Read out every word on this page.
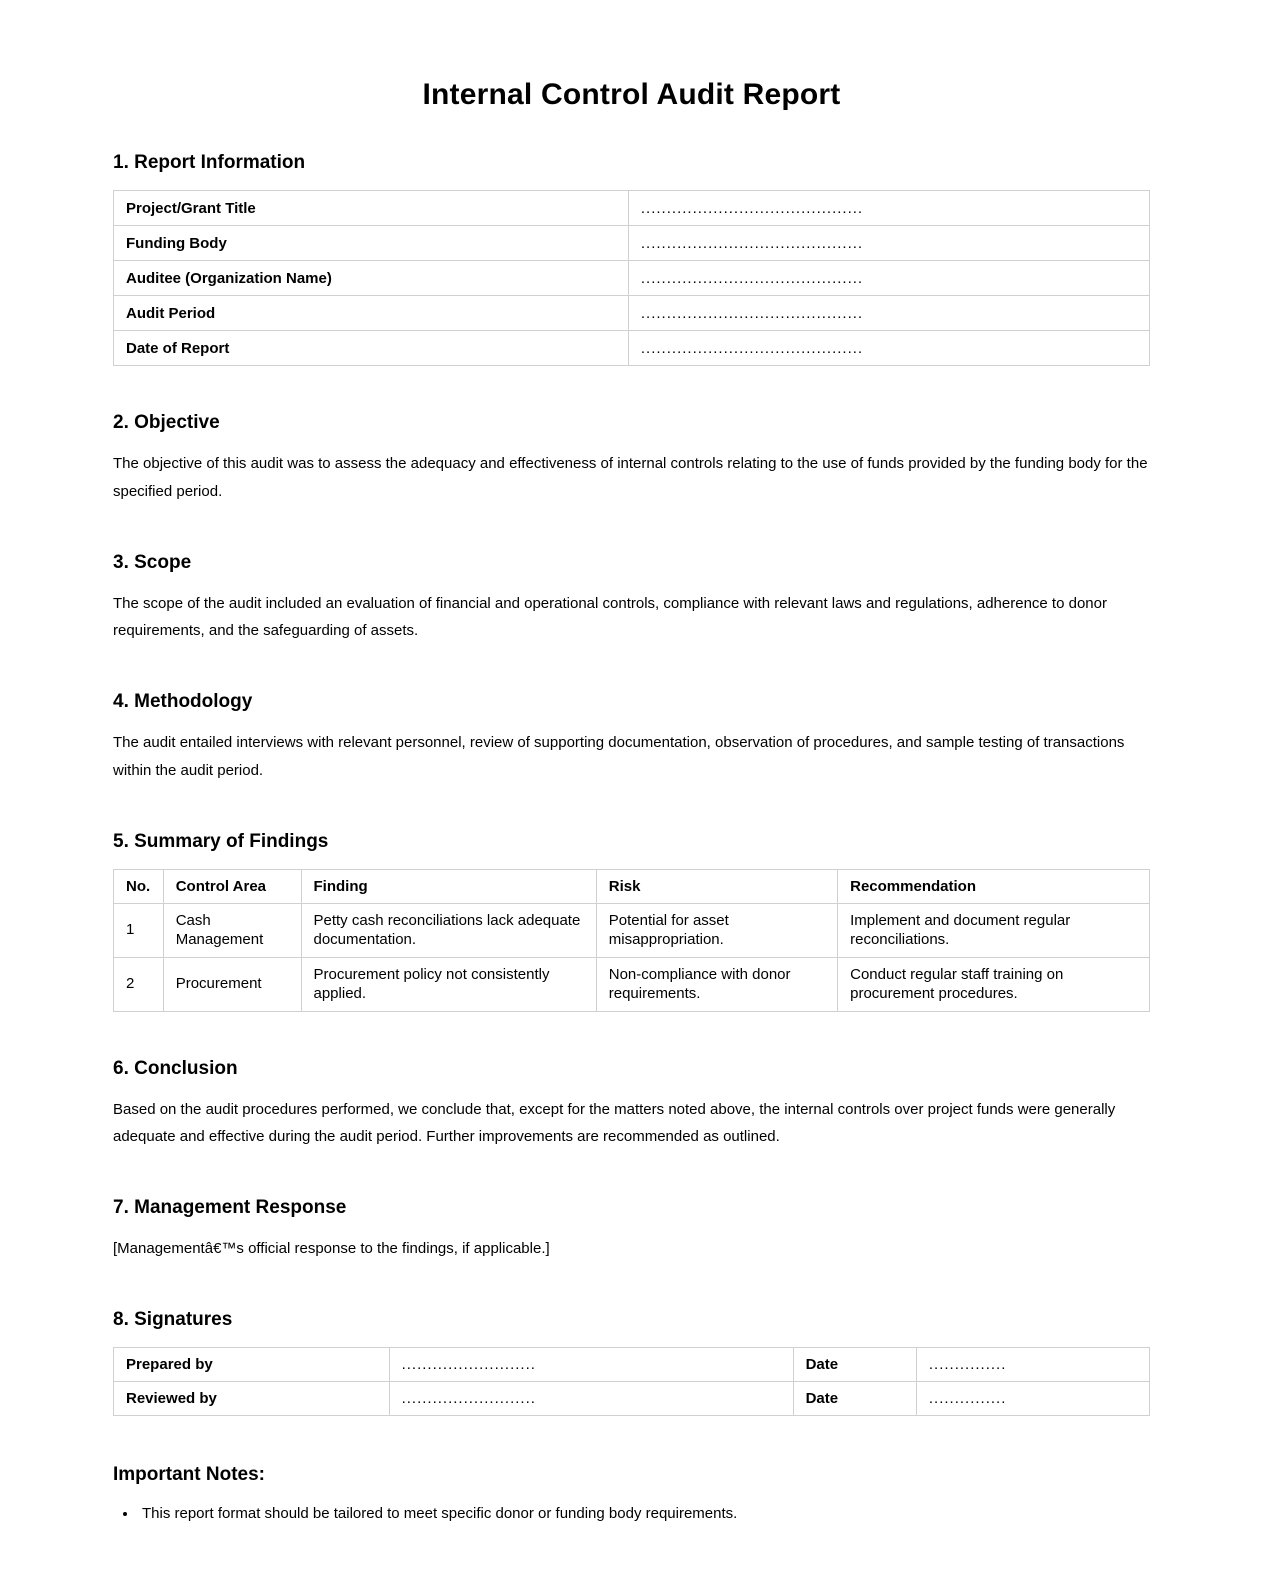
Internal Control Audit Report
1. Report Information
Project/Grant Title	...........................................
Funding Body	...........................................
Auditee (Organization Name)	...........................................
Audit Period	...........................................
Date of Report	...........................................
2. Objective

The objective of this audit was to assess the adequacy and effectiveness of internal controls relating to the use of funds provided by the funding body for the specified period.

3. Scope

The scope of the audit included an evaluation of financial and operational controls, compliance with relevant laws and regulations, adherence to donor requirements, and the safeguarding of assets.

4. Methodology

The audit entailed interviews with relevant personnel, review of supporting documentation, observation of procedures, and sample testing of transactions within the audit period.

5. Summary of Findings
No.	Control Area	Finding	Risk	Recommendation
1	Cash Management	Petty cash reconciliations lack adequate documentation.	Potential for asset misappropriation.	Implement and document regular reconciliations.
2	Procurement	Procurement policy not consistently applied.	Non-compliance with donor requirements.	Conduct regular staff training on procurement procedures.
6. Conclusion

Based on the audit procedures performed, we conclude that, except for the matters noted above, the internal controls over project funds were generally adequate and effective during the audit period. Further improvements are recommended as outlined.

7. Management Response

[Managementâ€™s official response to the findings, if applicable.]

8. Signatures
Prepared by	..........................	Date	...............
Reviewed by	..........................	Date	...............
Important Notes:
• This report format should be tailored to meet specific donor or funding body requirements.
